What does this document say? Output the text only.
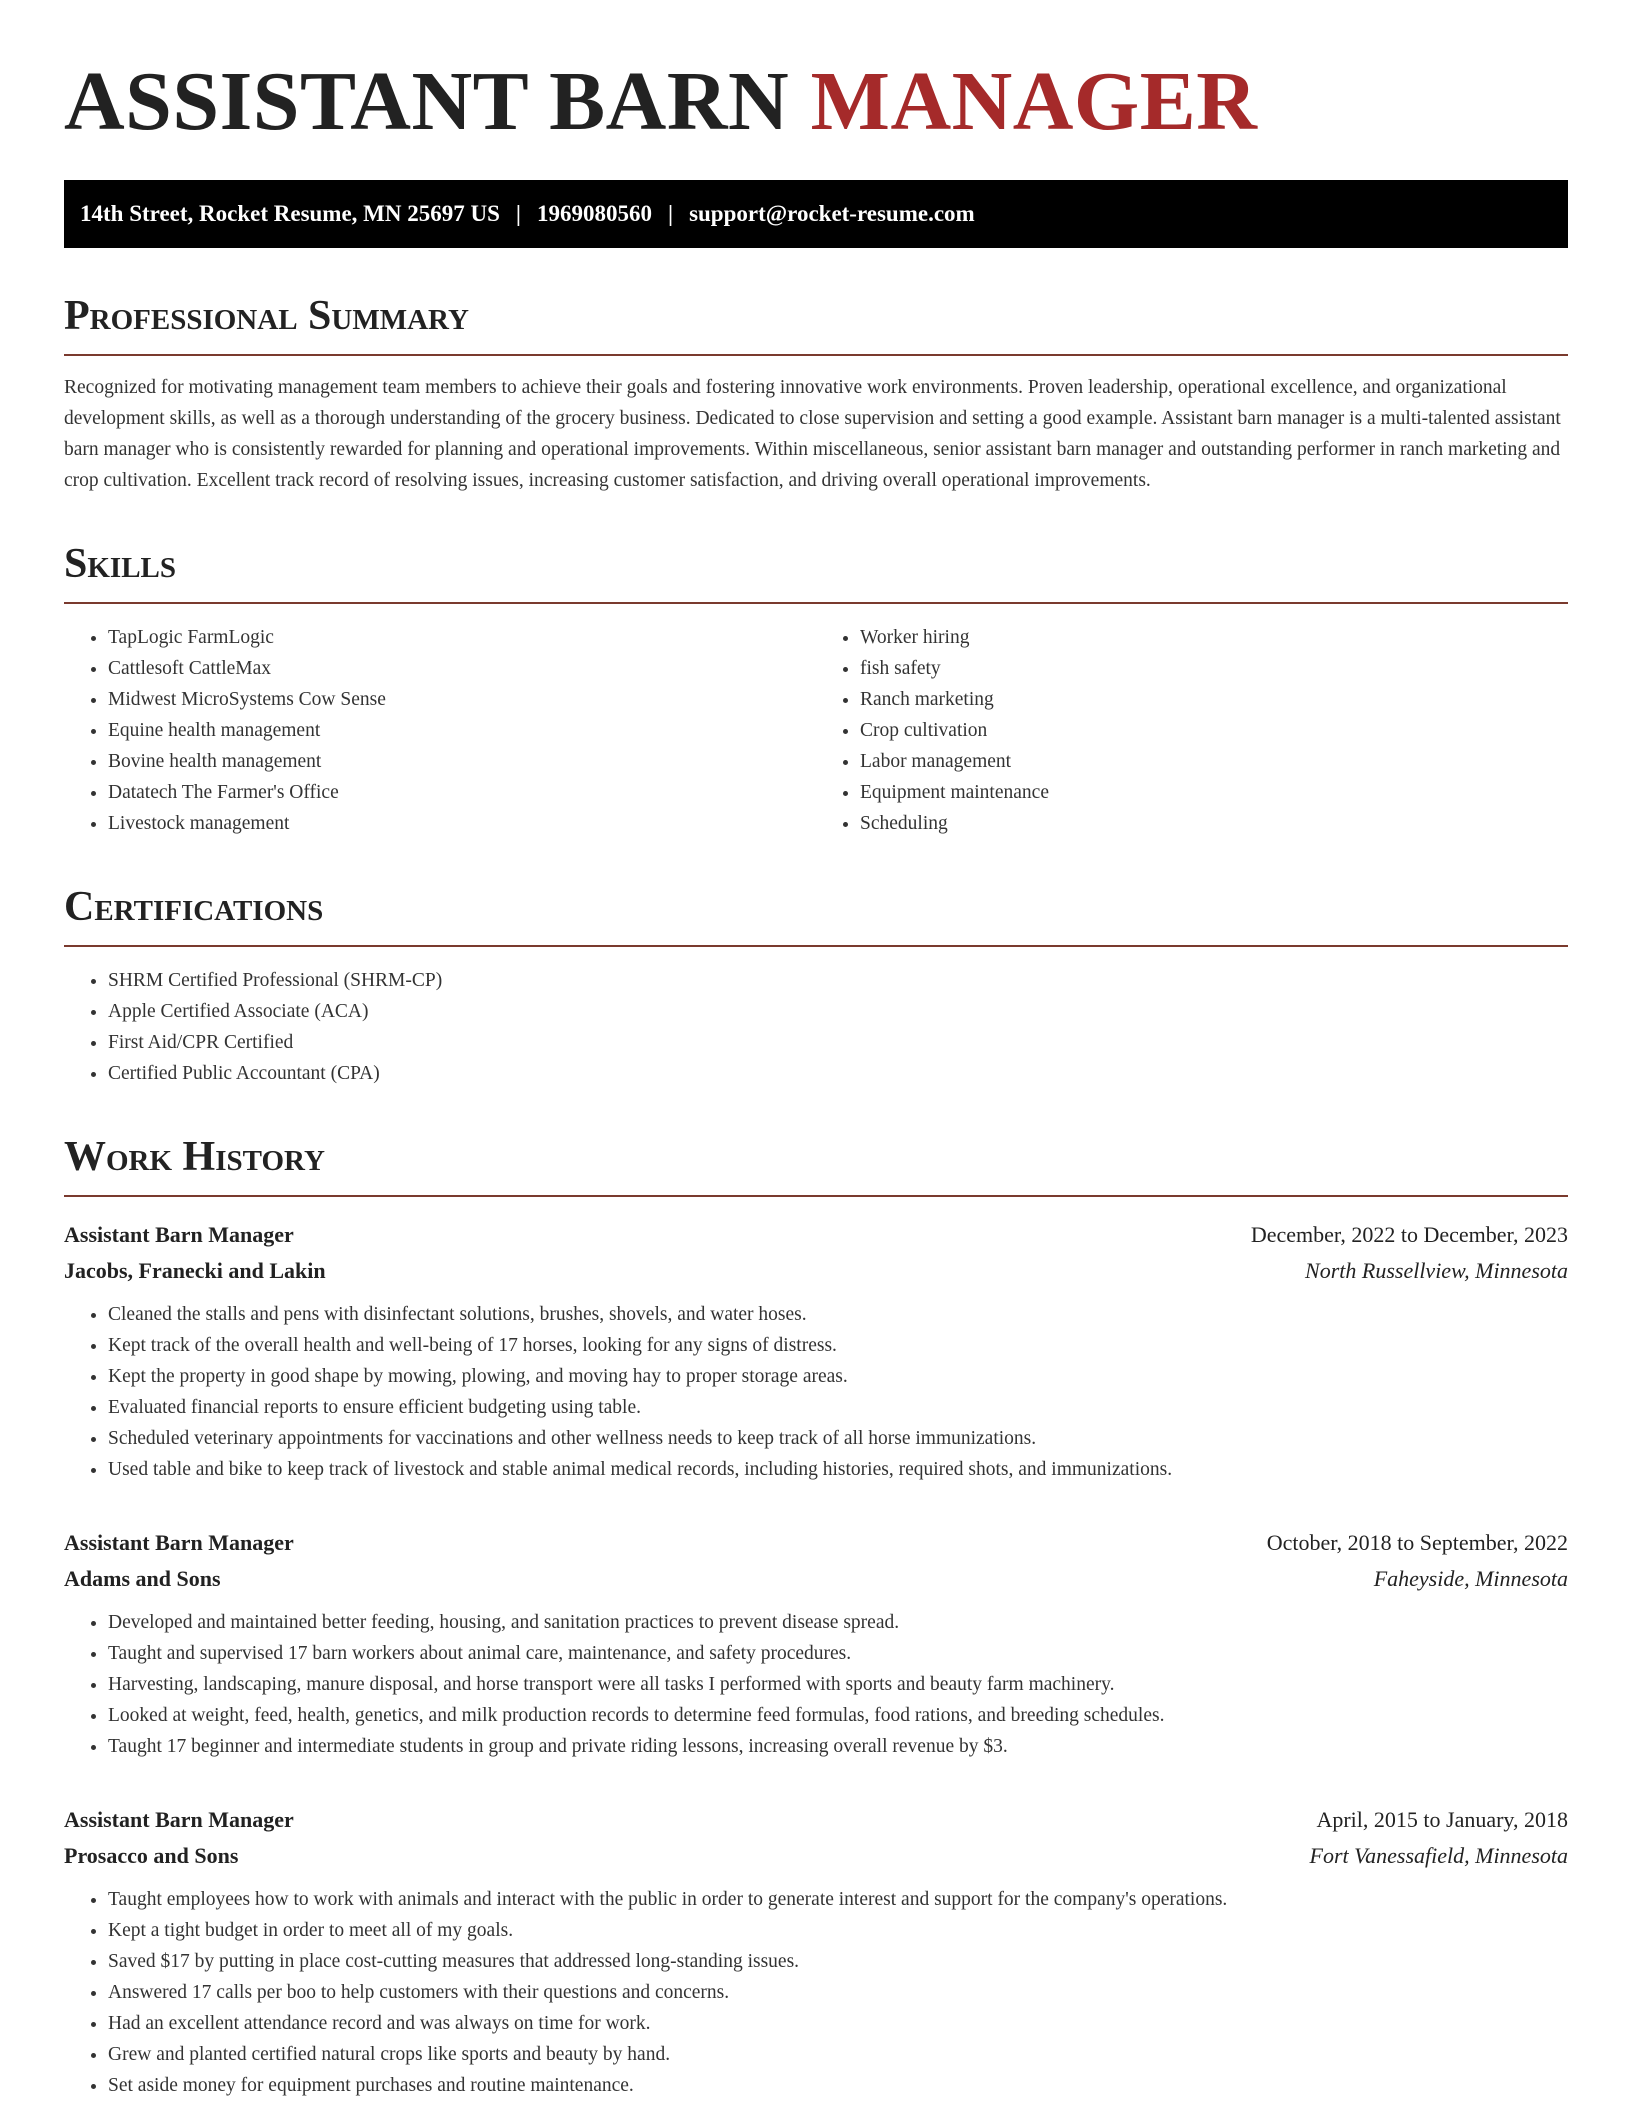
ASSISTANT BARN MANAGER
14th Street, Rocket Resume, MN 25697 US | 1969080560 | support@rocket-resume.com
Professional Summary

Recognized for motivating management team members to achieve their goals and fostering innovative work environments. Proven leadership, operational excellence, and organizational development skills, as well as a thorough understanding of the grocery business. Dedicated to close supervision and setting a good example. Assistant barn manager is a multi-talented assistant barn manager who is consistently rewarded for planning and operational improvements. Within miscellaneous, senior assistant barn manager and outstanding performer in ranch marketing and crop cultivation. Excellent track record of resolving issues, increasing customer satisfaction, and driving overall operational improvements.

Skills
• TapLogic FarmLogic
• Cattlesoft CattleMax
• Midwest MicroSystems Cow Sense
• Equine health management
• Bovine health management
• Datatech The Farmer's Office
• Livestock management
• Worker hiring
• fish safety
• Ranch marketing
• Crop cultivation
• Labor management
• Equipment maintenance
• Scheduling
Certifications
• SHRM Certified Professional (SHRM-CP)
• Apple Certified Associate (ACA)
• First Aid/CPR Certified
• Certified Public Accountant (CPA)
Work History
Assistant Barn Manager	December, 2022 to December, 2023
Jacobs, Franecki and Lakin	North Russellview, Minnesota
• Cleaned the stalls and pens with disinfectant solutions, brushes, shovels, and water hoses.
• Kept track of the overall health and well-being of 17 horses, looking for any signs of distress.
• Kept the property in good shape by mowing, plowing, and moving hay to proper storage areas.
• Evaluated financial reports to ensure efficient budgeting using table.
• Scheduled veterinary appointments for vaccinations and other wellness needs to keep track of all horse immunizations.
• Used table and bike to keep track of livestock and stable animal medical records, including histories, required shots, and immunizations.
Assistant Barn Manager	October, 2018 to September, 2022
Adams and Sons	Faheyside, Minnesota
• Developed and maintained better feeding, housing, and sanitation practices to prevent disease spread.
• Taught and supervised 17 barn workers about animal care, maintenance, and safety procedures.
• Harvesting, landscaping, manure disposal, and horse transport were all tasks I performed with sports and beauty farm machinery.
• Looked at weight, feed, health, genetics, and milk production records to determine feed formulas, food rations, and breeding schedules.
• Taught 17 beginner and intermediate students in group and private riding lessons, increasing overall revenue by $3.
Assistant Barn Manager	April, 2015 to January, 2018
Prosacco and Sons	Fort Vanessafield, Minnesota
• Taught employees how to work with animals and interact with the public in order to generate interest and support for the company's operations.
• Kept a tight budget in order to meet all of my goals.
• Saved $17 by putting in place cost-cutting measures that addressed long-standing issues.
• Answered 17 calls per boo to help customers with their questions and concerns.
• Had an excellent attendance record and was always on time for work.
• Grew and planted certified natural crops like sports and beauty by hand.
• Set aside money for equipment purchases and routine maintenance.
